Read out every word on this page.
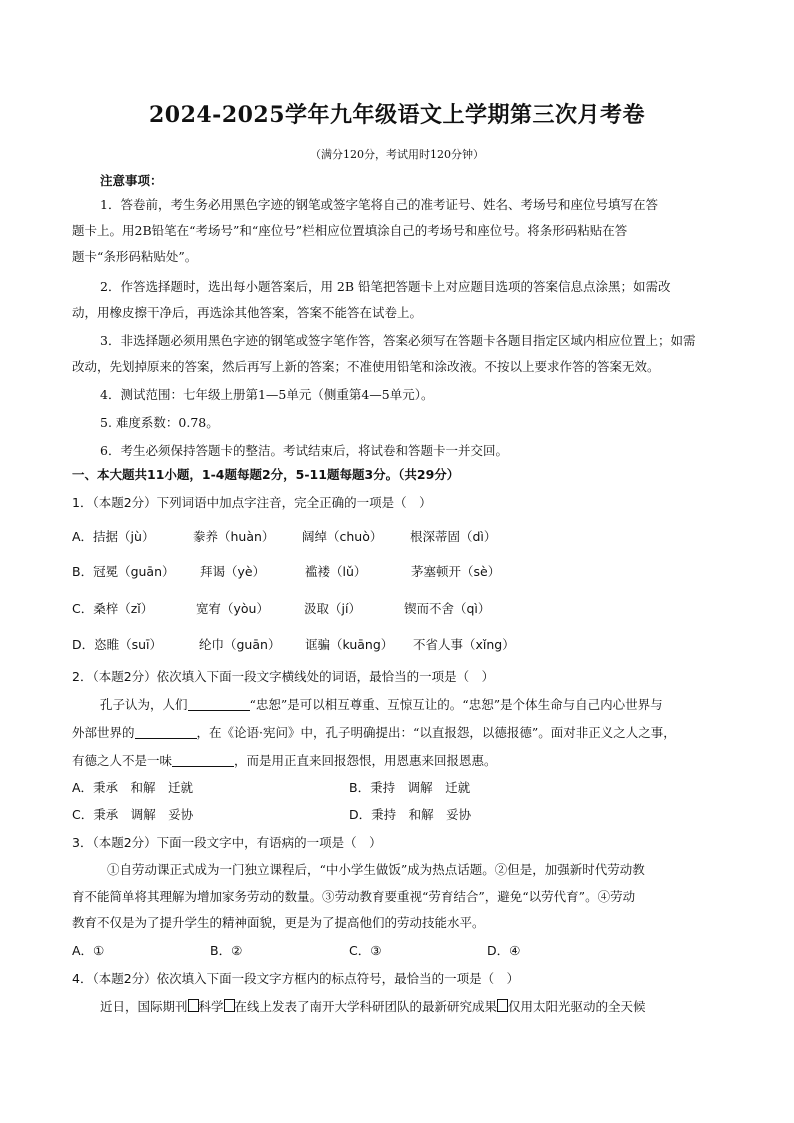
2024-2025学年九年级语文上学期第三次月考卷
（满分120分，考试用时120分钟）
注意事项：
1．答卷前，考生务必用黑色字迹的钢笔或签字笔将自己的准考证号、姓名、考场号和座位号填写在答
题卡上。用2B铅笔在“考场号”和“座位号”栏相应位置填涂自己的考场号和座位号。将条形码粘贴在答
题卡“条形码粘贴处”。
2．作答选择题时，选出每小题答案后，用 2B 铅笔把答题卡上对应题目选项的答案信息点涂黑；如需改
动，用橡皮擦干净后，再选涂其他答案，答案不能答在试卷上。
3．非选择题必须用黑色字迹的钢笔或签字笔作答，答案必须写在答题卡各题目指定区域内相应位置上；如需
改动，先划掉原来的答案，然后再写上新的答案；不准使用铅笔和涂改液。不按以上要求作答的答案无效。
4．测试范围：七年级上册第1—5单元（侧重第4—5单元）。
5. 难度系数：0.78。
6．考生必须保持答题卡的整洁。考试结束后，将试卷和答题卡一并交回。
一、本大题共11小题，1-4题每题2分，5-11题每题3分。（共29分）
1．（本题2分）下列词语中加点字注音，完全正确的一项是（　）
A．拮据（jù）	豢养（huàn） 阔绰（chuò） 根深蒂固（dì）
B．冠冕（guān） 拜谒（yè）	褴褛（lǔ）	茅塞顿开（sè）
C．桑梓（zǐ）	宽宥（yòu）	汲取（jí）	锲而不舍（qì）
D．恣睢（suī）	纶巾（guān） 诓骗（kuāng） 不省人事（xǐng）
2．（本题2分）依次填入下面一段文字横线处的词语，最恰当的一项是（　）
孔子认为，人们	“忠恕”是可以相互尊重、互惊互让的。“忠恕”是个体生命与自己内心世界与
外部世界的	，在《论语·宪问》中，孔子明确提出：“以直报怨，以德报德”。面对非正义之人之事，
有德之人不是一味	，而是用正直来回报怨恨，用恩惠来回报恩惠。
A．秉承　和解　迁就	B．秉持　调解　迁就
C．秉承　调解　妥协	D．秉持　和解　妥协
3．（本题2分）下面一段文字中，有语病的一项是（　）
①自劳动课正式成为一门独立课程后，“中小学生做饭”成为热点话题。②但是，加强新时代劳动教
育不能简单将其理解为增加家务劳动的数量。③劳动教育要重视“劳育结合”，避免“以劳代育”。④劳动
教育不仅是为了提升学生的精神面貌，更是为了提高他们的劳动技能水平。
A．①	B．②	C．③	D．④
4．（本题2分）依次填入下面一段文字方框内的标点符号，最恰当的一项是（　）
近日，国际期刊 科学 在线上发表了南开大学科研团队的最新研究成果 仅用太阳光驱动的全天候
